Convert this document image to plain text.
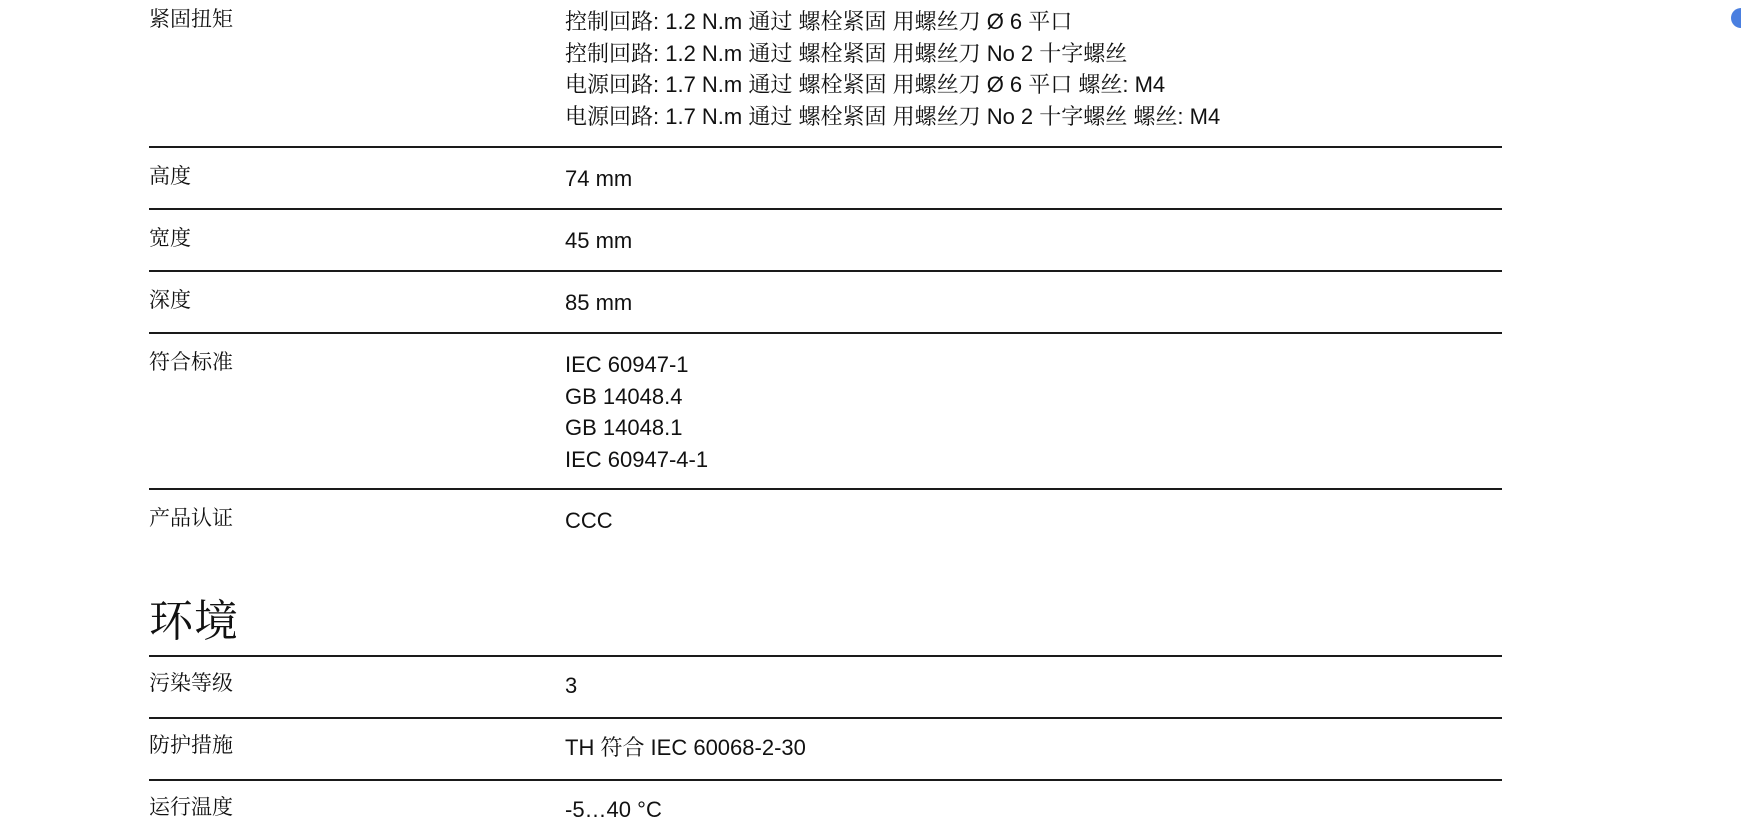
紧固扭矩	控制回路: 1.2 N.m 通过 螺栓紧固 用螺丝刀 Ø 6 平口
控制回路: 1.2 N.m 通过 螺栓紧固 用螺丝刀 No 2 十字螺丝
电源回路: 1.7 N.m 通过 螺栓紧固 用螺丝刀 Ø 6 平口 螺丝: M4
电源回路: 1.7 N.m 通过 螺栓紧固 用螺丝刀 No 2 十字螺丝 螺丝: M4
高度	74 mm
宽度	45 mm
深度	85 mm
符合标准	IEC 60947-1
GB 14048.4
GB 14048.1
IEC 60947-4-1
产品认证	CCC
环境
污染等级	3
防护措施	TH 符合 IEC 60068-2-30
运行温度	-5…40 °C
